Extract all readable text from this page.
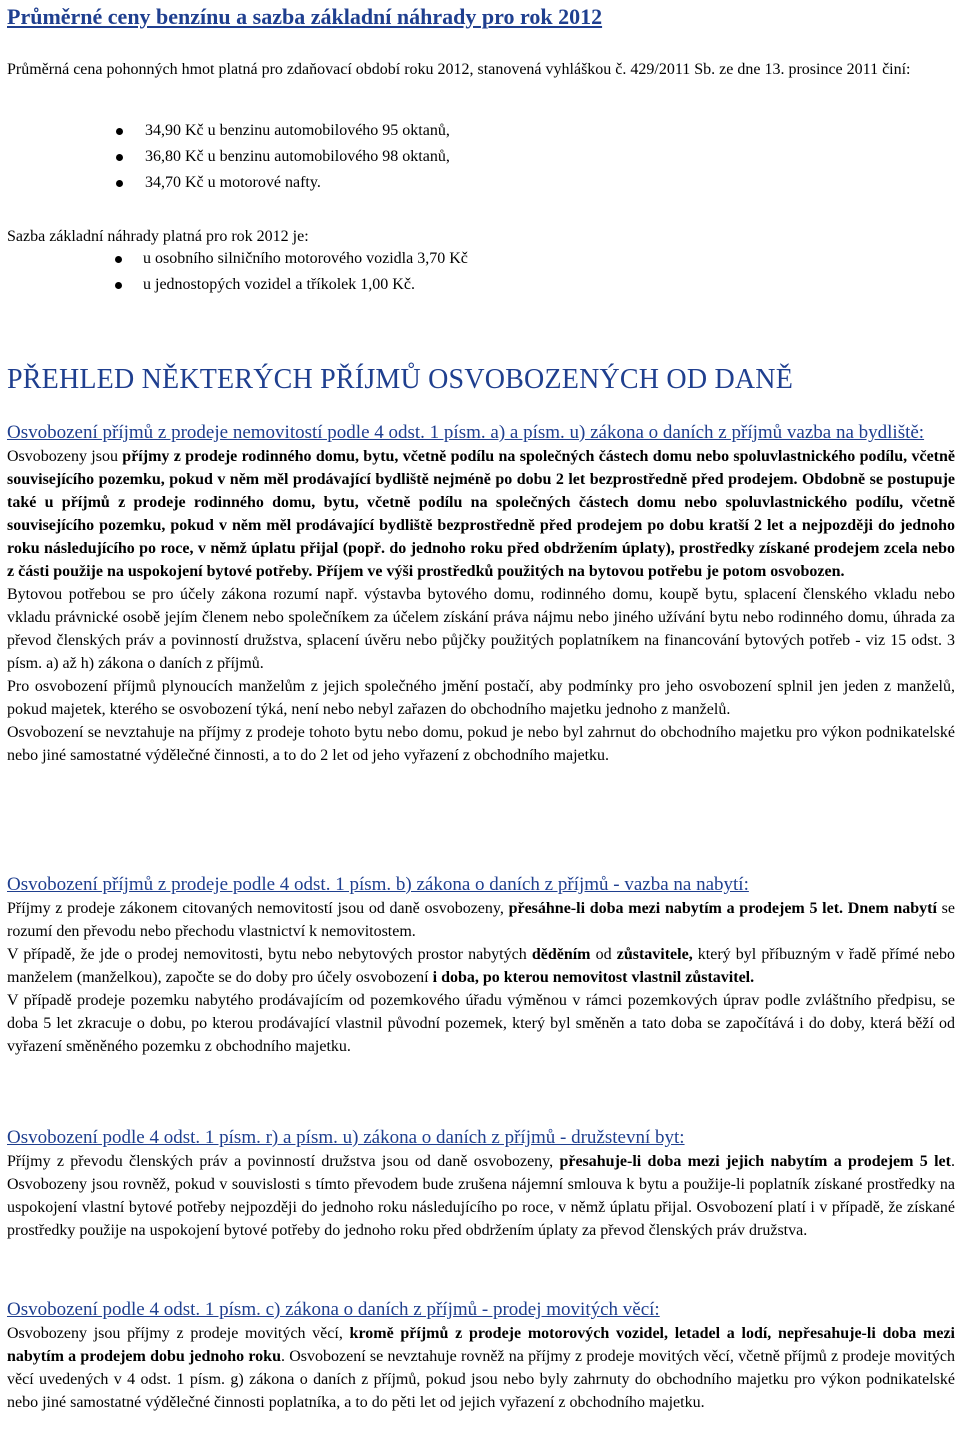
Průměrné ceny benzínu a sazba základní náhrady pro rok 2012
Průměrná cena pohonných hmot platná pro zdaňovací období roku 2012, stanovená vyhláškou č. 429/2011 Sb. ze dne 13. prosince 2011 činí:
34,90 Kč u benzinu automobilového 95 oktanů,
36,80 Kč u benzinu automobilového 98 oktanů,
34,70 Kč u motorové nafty.
Sazba základní náhrady platná pro rok 2012 je:
u osobního silničního motorového vozidla 3,70 Kč
u jednostopých vozidel a tříkolek 1,00 Kč.
PŘEHLED NĚKTERÝCH PŘÍJMŮ OSVOBOZENÝCH OD DANĚ
Osvobození příjmů z prodeje nemovitostí podle 4 odst. 1 písm. a) a písm. u) zákona o daních z příjmů vazba na bydliště:

Osvobozeny jsou příjmy z prodeje rodinného domu, bytu, včetně podílu na společných částech domu nebo spoluvlastnického podílu, včetně souvisejícího pozemku, pokud v něm měl prodávající bydliště nejméně po dobu 2 let bezprostředně před prodejem. Obdobně se postupuje také u příjmů z prodeje rodinného domu, bytu, včetně podílu na společných částech domu nebo spoluvlastnického podílu, včetně souvisejícího pozemku, pokud v něm měl prodávající bydliště bezprostředně před prodejem po dobu kratší 2 let a nejpozději do jednoho roku následujícího po roce, v němž úplatu přijal (popř. do jednoho roku před obdržením úplaty), prostředky získané prodejem zcela nebo z části použije na uspokojení bytové potřeby. Příjem ve výši prostředků použitých na bytovou potřebu je potom osvobozen.

Bytovou potřebou se pro účely zákona rozumí např. výstavba bytového domu, rodinného domu, koupě bytu, splacení členského vkladu nebo vkladu právnické osobě jejím členem nebo společníkem za účelem získání práva nájmu nebo jiného užívání bytu nebo rodinného domu, úhrada za převod členských práv a povinností družstva, splacení úvěru nebo půjčky použitých poplatníkem na financování bytových potřeb - viz 15 odst. 3 písm. a) až h) zákona o daních z příjmů.

Pro osvobození příjmů plynoucích manželům z jejich společného jmění postačí, aby podmínky pro jeho osvobození splnil jen jeden z manželů, pokud majetek, kterého se osvobození týká, není nebo nebyl zařazen do obchodního majetku jednoho z manželů.

Osvobození se nevztahuje na příjmy z prodeje tohoto bytu nebo domu, pokud je nebo byl zahrnut do obchodního majetku pro výkon podnikatelské nebo jiné samostatné výdělečné činnosti, a to do 2 let od jeho vyřazení z obchodního majetku.

Osvobození příjmů z prodeje podle 4 odst. 1 písm. b) zákona o daních z příjmů - vazba na nabytí:

Příjmy z prodeje zákonem citovaných nemovitostí jsou od daně osvobozeny, přesáhne-li doba mezi nabytím a prodejem 5 let. Dnem nabytí se rozumí den převodu nebo přechodu vlastnictví k nemovitostem.

V případě, že jde o prodej nemovitosti, bytu nebo nebytových prostor nabytých děděním od zůstavitele, který byl příbuzným v řadě přímé nebo manželem (manželkou), započte se do doby pro účely osvobození i doba, po kterou nemovitost vlastnil zůstavitel.

V případě prodeje pozemku nabytého prodávajícím od pozemkového úřadu výměnou v rámci pozemkových úprav podle zvláštního předpisu, se doba 5 let zkracuje o dobu, po kterou prodávající vlastnil původní pozemek, který byl směněn a tato doba se započítává i do doby, která běží od vyřazení směněného pozemku z obchodního majetku.

Osvobození podle 4 odst. 1 písm. r) a písm. u) zákona o daních z příjmů - družstevní byt:

Příjmy z převodu členských práv a povinností družstva jsou od daně osvobozeny, přesahuje-li doba mezi jejich nabytím a prodejem 5 let. Osvobozeny jsou rovněž, pokud v souvislosti s tímto převodem bude zrušena nájemní smlouva k bytu a použije-li poplatník získané prostředky na uspokojení vlastní bytové potřeby nejpozději do jednoho roku následujícího po roce, v němž úplatu přijal. Osvobození platí i v případě, že získané prostředky použije na uspokojení bytové potřeby do jednoho roku před obdržením úplaty za převod členských práv družstva.

Osvobození podle 4 odst. 1 písm. c) zákona o daních z příjmů - prodej movitých věcí:

Osvobozeny jsou příjmy z prodeje movitých věcí, kromě příjmů z prodeje motorových vozidel, letadel a lodí, nepřesahuje-li doba mezi nabytím a prodejem dobu jednoho roku. Osvobození se nevztahuje rovněž na příjmy z prodeje movitých věcí, včetně příjmů z prodeje movitých věcí uvedených v 4 odst. 1 písm. g) zákona o daních z příjmů, pokud jsou nebo byly zahrnuty do obchodního majetku pro výkon podnikatelské nebo jiné samostatné výdělečné činnosti poplatníka, a to do pěti let od jejich vyřazení z obchodního majetku.
